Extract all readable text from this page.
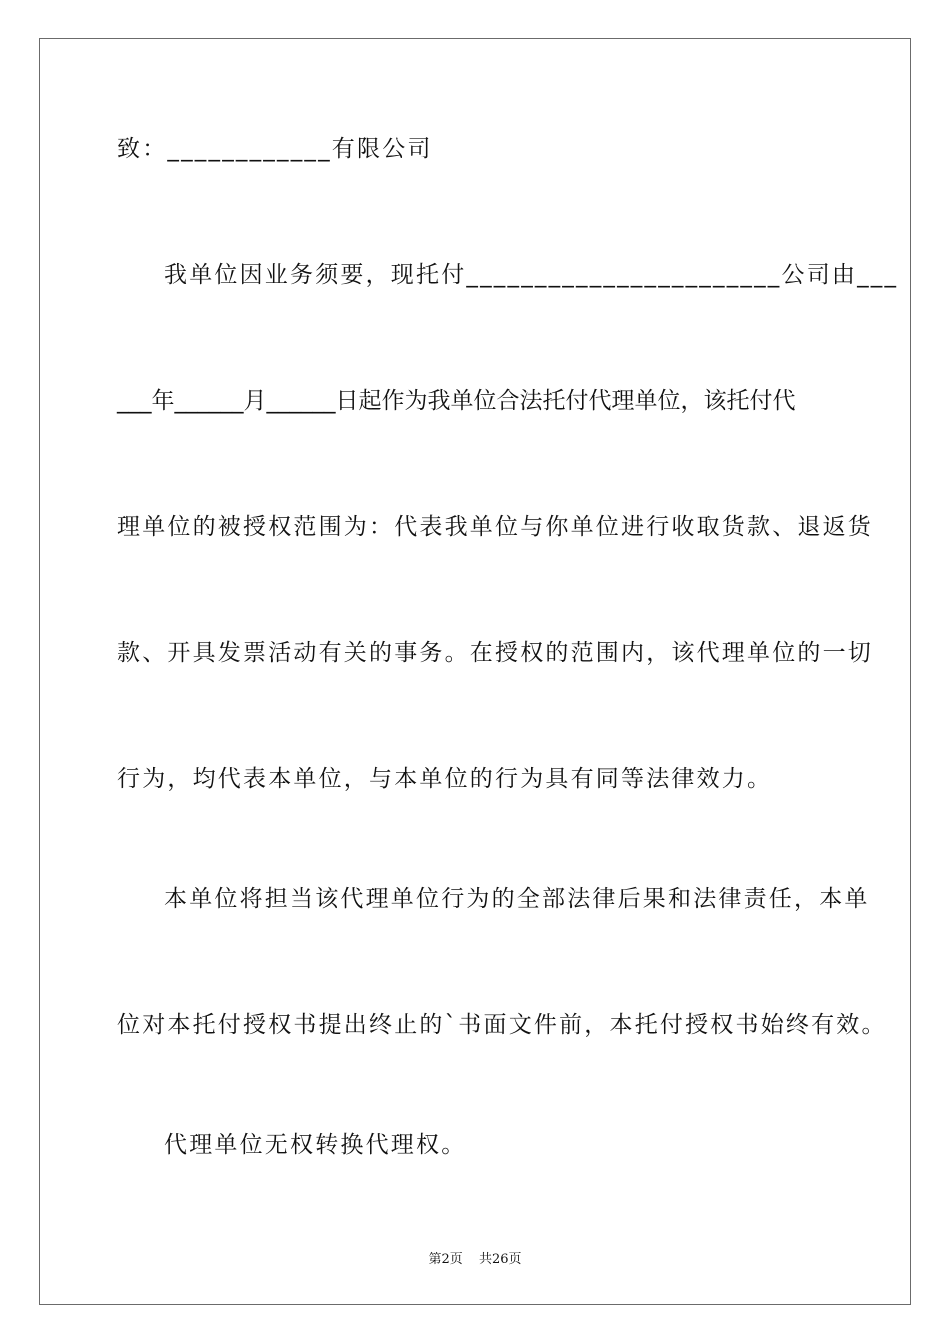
致：____________有限公司
我单位因业务须要，现托付_______________________公司由___
___年______月______日起作为我单位合法托付代理单位，该托付代
理单位的被授权范围为：代表我单位与你单位进行收取货款、退返货
款、开具发票活动有关的事务。在授权的范围内，该代理单位的一切
行为，均代表本单位，与本单位的行为具有同等法律效力。
本单位将担当该代理单位行为的全部法律后果和法律责任，本单
位对本托付授权书提出终止的`书面文件前，本托付授权书始终有效。
代理单位无权转换代理权。
第2页 共26页
